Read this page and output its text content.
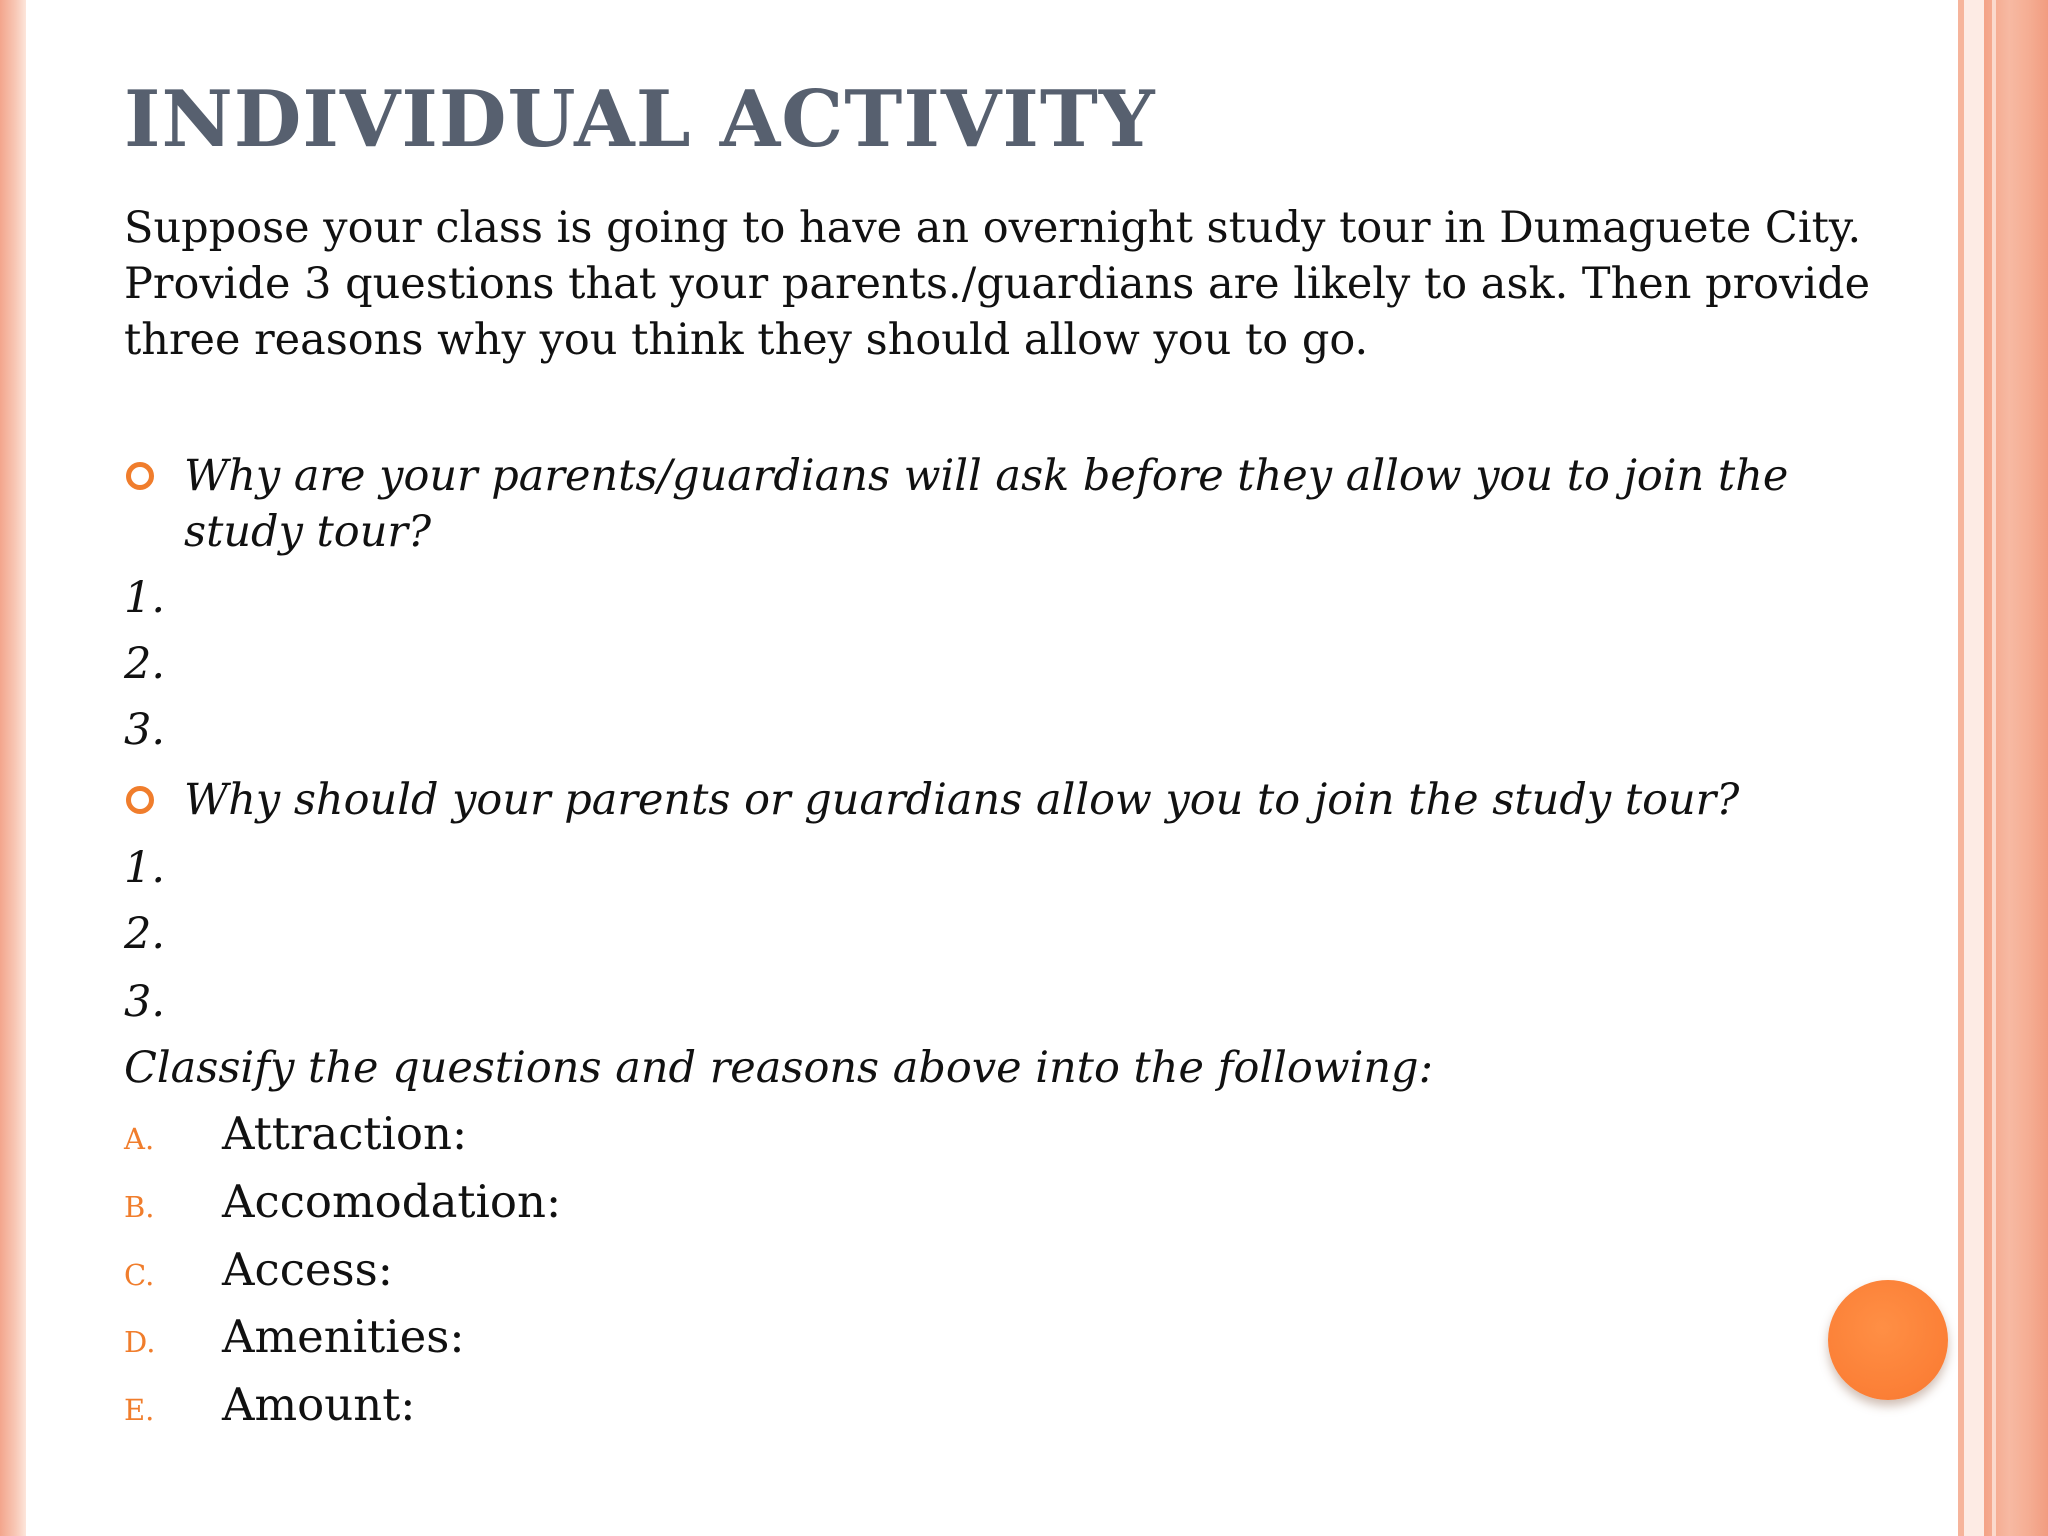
INDIVIDUAL ACTIVITY
Suppose your class is going to have an overnight study tour in Dumaguete City. Provide 3 questions that your parents./guardians are likely to ask. Then provide three reasons why you think they should allow you to go.
Why are your parents/guardians will ask before they allow you to join the study tour?
1.
2.
3.
Why should your parents or guardians allow you to join the study tour?
1.
2.
3.
Classify the questions and reasons above into the following:
A. Attraction:
B. Accomodation:
C. Access:
D. Amenities:
E. Amount:
